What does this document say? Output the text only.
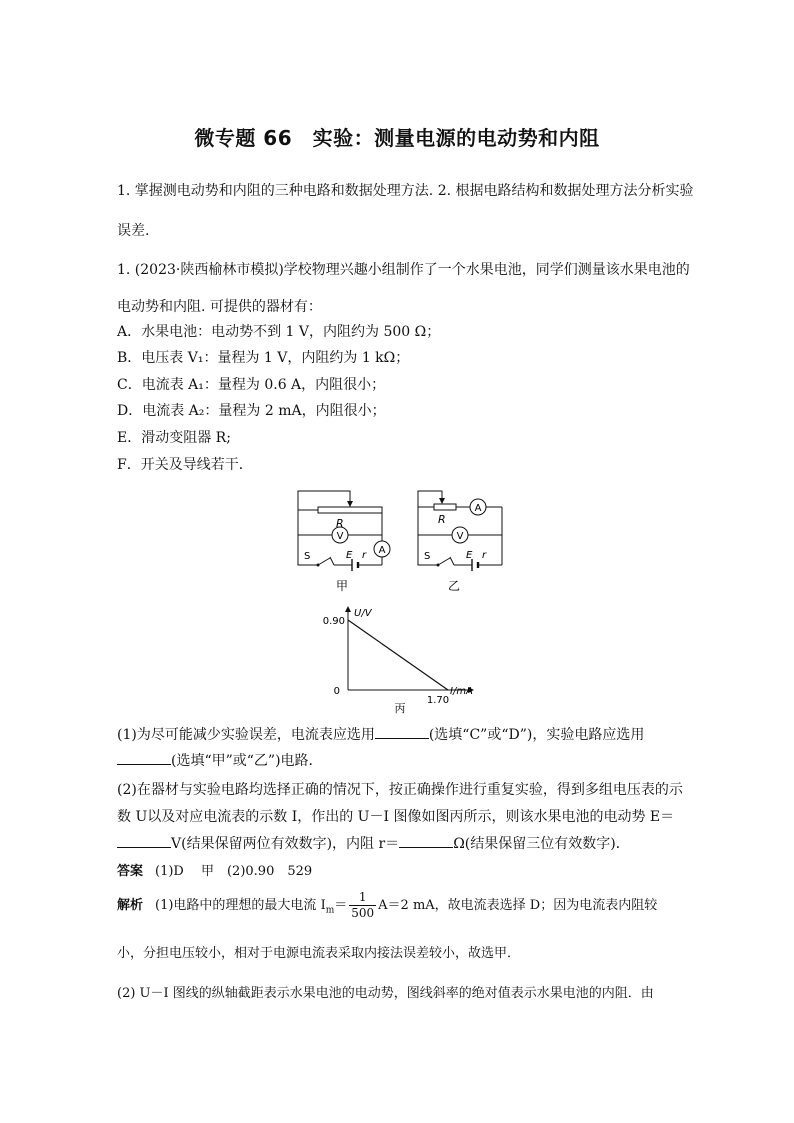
微专题 66　实验：测量电源的电动势和内阻
1. 掌握测电动势和内阻的三种电路和数据处理方法. 2. 根据电路结构和数据处理方法分析实验
误差.
1. (2023·陕西榆林市模拟)学校物理兴趣小组制作了一个水果电池，同学们测量该水果电池的
电动势和内阻. 可提供的器材有：
A．水果电池：电动势不到 1 V，内阻约为 500 Ω；
B．电压表 V₁：量程为 1 V，内阻约为 1 kΩ；
C．电流表 A₁：量程为 0.6 A，内阻很小；
D．电流表 A₂：量程为 2 mA，内阻很小；
E．滑动变阻器 R;
F．开关及导线若干．
V
A
R
S	E r
甲
A
V
R
S	E r
乙
U/V
I/mA
0
0.90
1.70
丙
(1)为尽可能减少实验误差，电流表应选用	(选填“C”或“D”)，实验电路应选用
(选填“甲”或“乙”)电路．
(2)在器材与实验电路均选择正确的情况下，按正确操作进行重复实验，得到多组电压表的示
数 U以及对应电流表的示数 I，作出的 U－I 图像如图丙所示，则该水果电池的电动势 E＝
V(结果保留两位有效数字)，内阻 r＝	Ω(结果保留三位有效数字)．
答案 (1)D　 甲　(2)0.90　529
解析 (1)电路中的理想的最大电流 $I_m= \frac{1}{500} A=2$ mA，故电流表选择 D；因为电流表内阻较
小，分担电压较小，相对于电源电流表采取内接法误差较小，故选甲．
(2) U－I 图线的纵轴截距表示水果电池的电动势，图线斜率的绝对值表示水果电池的内阻．由
